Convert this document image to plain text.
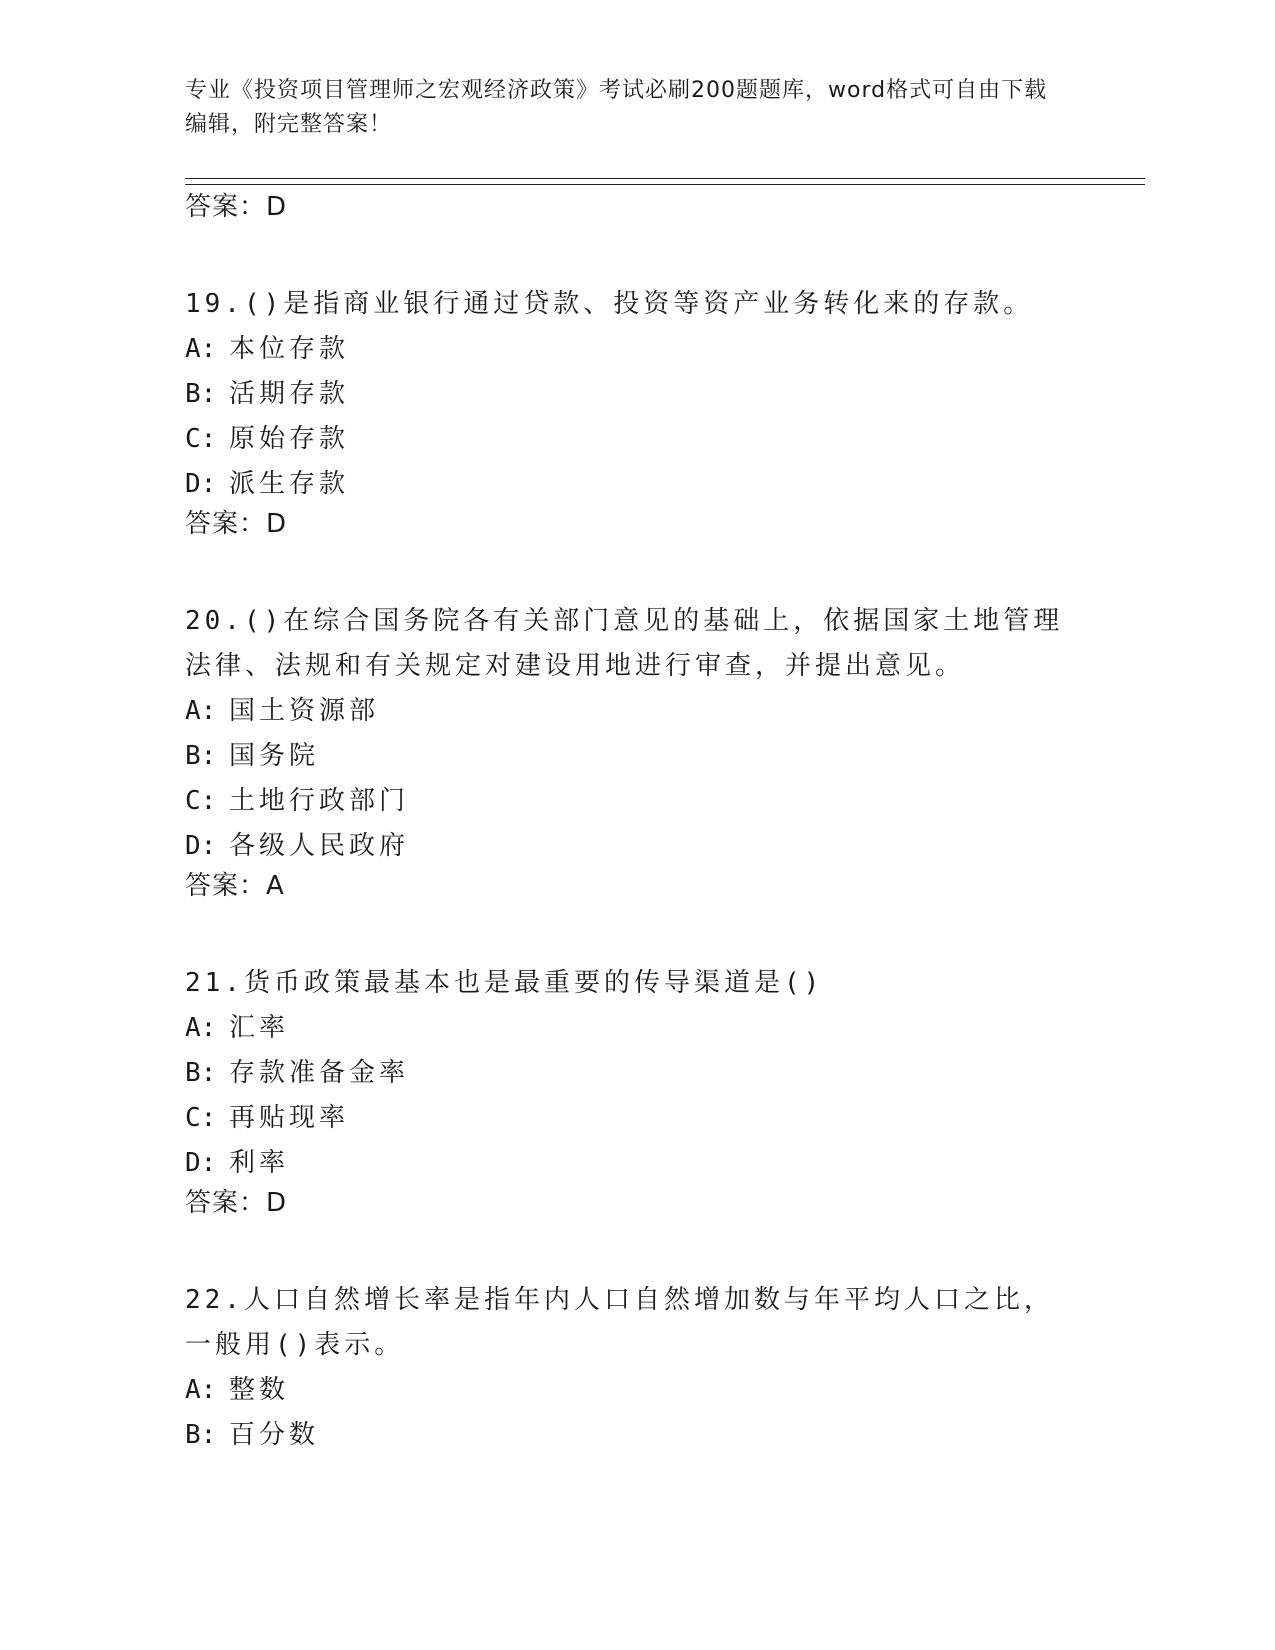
专业《投资项目管理师之宏观经济政策》考试必刷200题题库，word格式可自由下载编辑，附完整答案！
答案：D
19.()是指商业银行通过贷款、投资等资产业务转化来的存款。
A: 本位存款
B: 活期存款
C: 原始存款
D: 派生存款
答案：D
20.()在综合国务院各有关部门意见的基础上，依据国家土地管理法律、法规和有关规定对建设用地进行审查，并提出意见。
A: 国土资源部
B: 国务院
C: 土地行政部门
D: 各级人民政府
答案：A
21.货币政策最基本也是最重要的传导渠道是()
A: 汇率
B: 存款准备金率
C: 再贴现率
D: 利率
答案：D
22.人口自然增长率是指年内人口自然增加数与年平均人口之比，一般用()表示。
A: 整数
B: 百分数
